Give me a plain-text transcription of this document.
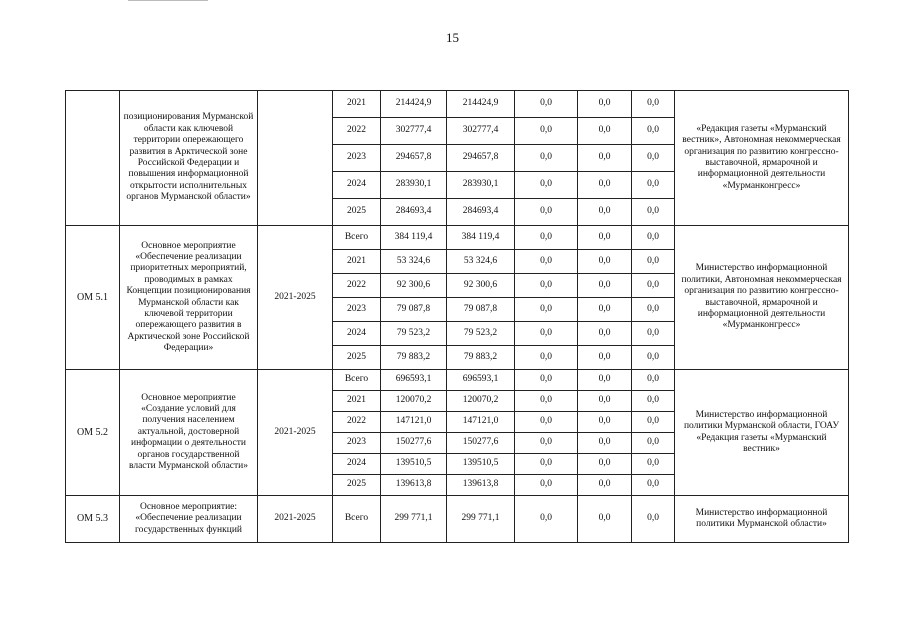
15
	позиционирования Мурманской области как ключевой территории опережающего развития в Арктической зоне Российской Федерации и повышения информационной открытости исполнительных органов Мурманской области»		2021	214424,9	214424,9	0,0	0,0	0,0	«Редакция газеты «Мурманский вестник», Автономная некоммерческая организация по развитию конгрессно-выставочной, ярмарочной и информационной деятельности «Мурманконгресс»
			2022	302777,4	302777,4	0,0	0,0	0,0	
			2023	294657,8	294657,8	0,0	0,0	0,0	
			2024	283930,1	283930,1	0,0	0,0	0,0	
			2025	284693,4	284693,4	0,0	0,0	0,0	
ОМ 5.1	Основное мероприятие «Обеспечение реализации приоритетных мероприятий, проводимых в рамках Концепции позиционирования Мурманской области как ключевой территории опережающего развития в Арктической зоне Российской Федерации»	2021-2025	Всего	384 119,4	384 119,4	0,0	0,0	0,0	Министерство информационной политики, Автономная некоммерческая организация по развитию конгрессно-выставочной, ярмарочной и информационной деятельности «Мурманконгресс»
			2021	53 324,6	53 324,6	0,0	0,0	0,0	
			2022	92 300,6	92 300,6	0,0	0,0	0,0	
			2023	79 087,8	79 087,8	0,0	0,0	0,0	
			2024	79 523,2	79 523,2	0,0	0,0	0,0	
			2025	79 883,2	79 883,2	0,0	0,0	0,0	
ОМ 5.2	Основное мероприятие «Создание условий для получения населением актуальной, достоверной информации о деятельности органов государственной власти Мурманской области»	2021-2025	Всего	696593,1	696593,1	0,0	0,0	0,0	Министерство информационной политики Мурманской области, ГОАУ «Редакция газеты «Мурманский вестник»
			2021	120070,2	120070,2	0,0	0,0	0,0	
			2022	147121,0	147121,0	0,0	0,0	0,0	
			2023	150277,6	150277,6	0,0	0,0	0,0	
			2024	139510,5	139510,5	0,0	0,0	0,0	
			2025	139613,8	139613,8	0,0	0,0	0,0	
ОМ 5.3	Основное мероприятие: «Обеспечение реализации государственных функций	2021-2025	Всего	299 771,1	299 771,1	0,0	0,0	0,0	Министерство информационной политики Мурманской области»
